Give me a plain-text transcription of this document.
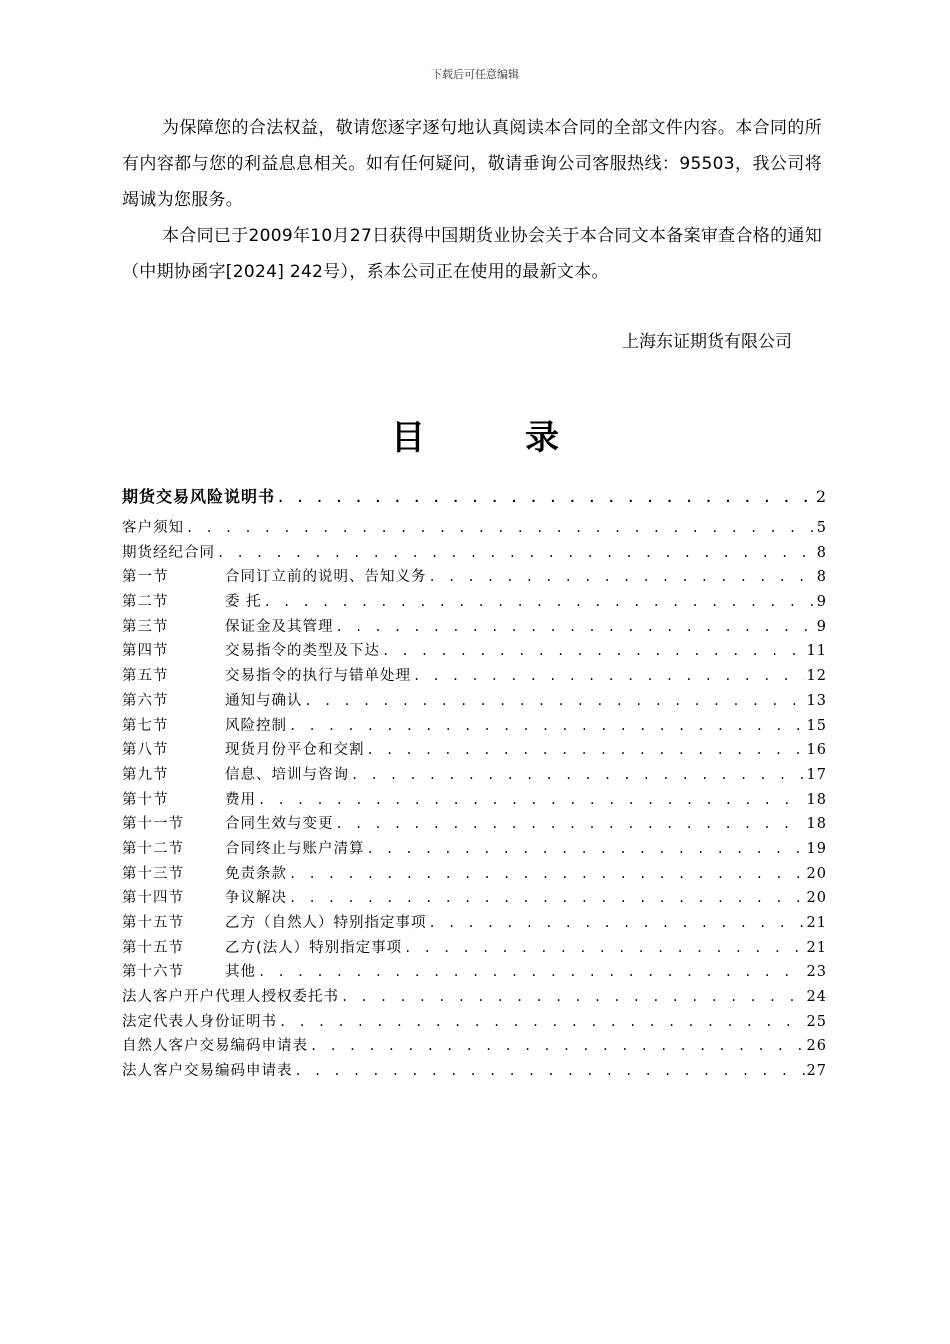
下载后可任意编辑

为保障您的合法权益，敬请您逐字逐句地认真阅读本合同的全部文件内容。本合同的所有内容都与您的利益息息相关。如有任何疑问，敬请垂询公司客服热线：95503，我公司将竭诚为您服务。

本合同已于2009年10月27日获得中国期货业协会关于本合同文本备案审查合格的通知（中期协函字[2024] 242号），系本公司正在使用的最新文本。

上海东证期货有限公司
目录
期货交易风险说明书 . . .	2
客户须知 . . .	5
期货经纪合同 . . .	8
第一节	合同订立前的说明、告知义务 . . .	8
第二节	委 托 . . .	9
第三节	保证金及其管理 . . .	9
第四节	交易指令的类型及下达 . . .	11
第五节	交易指令的执行与错单处理 . . .	12
第六节	通知与确认 . . .	13
第七节	风险控制 . . .	15
第八节	现货月份平仓和交割 . . .	16
第九节	信息、培训与咨询 . . .	17
第十节	费用 . . .	18
第十一节	合同生效与变更 . . .	18
第十二节	合同终止与账户清算 . . .	19
第十三节	免责条款 . . .	20
第十四节	争议解决 . . .	20
第十五节	乙方（自然人）特别指定事项 . . .	21
第十五节	乙方(法人）特别指定事项 . . .	21
第十六节	其他 . . .	23
法人客户开户代理人授权委托书 . . .	24
法定代表人身份证明书 . . .	25
自然人客户交易编码申请表 . . .	26
法人客户交易编码申请表 . . .	27
